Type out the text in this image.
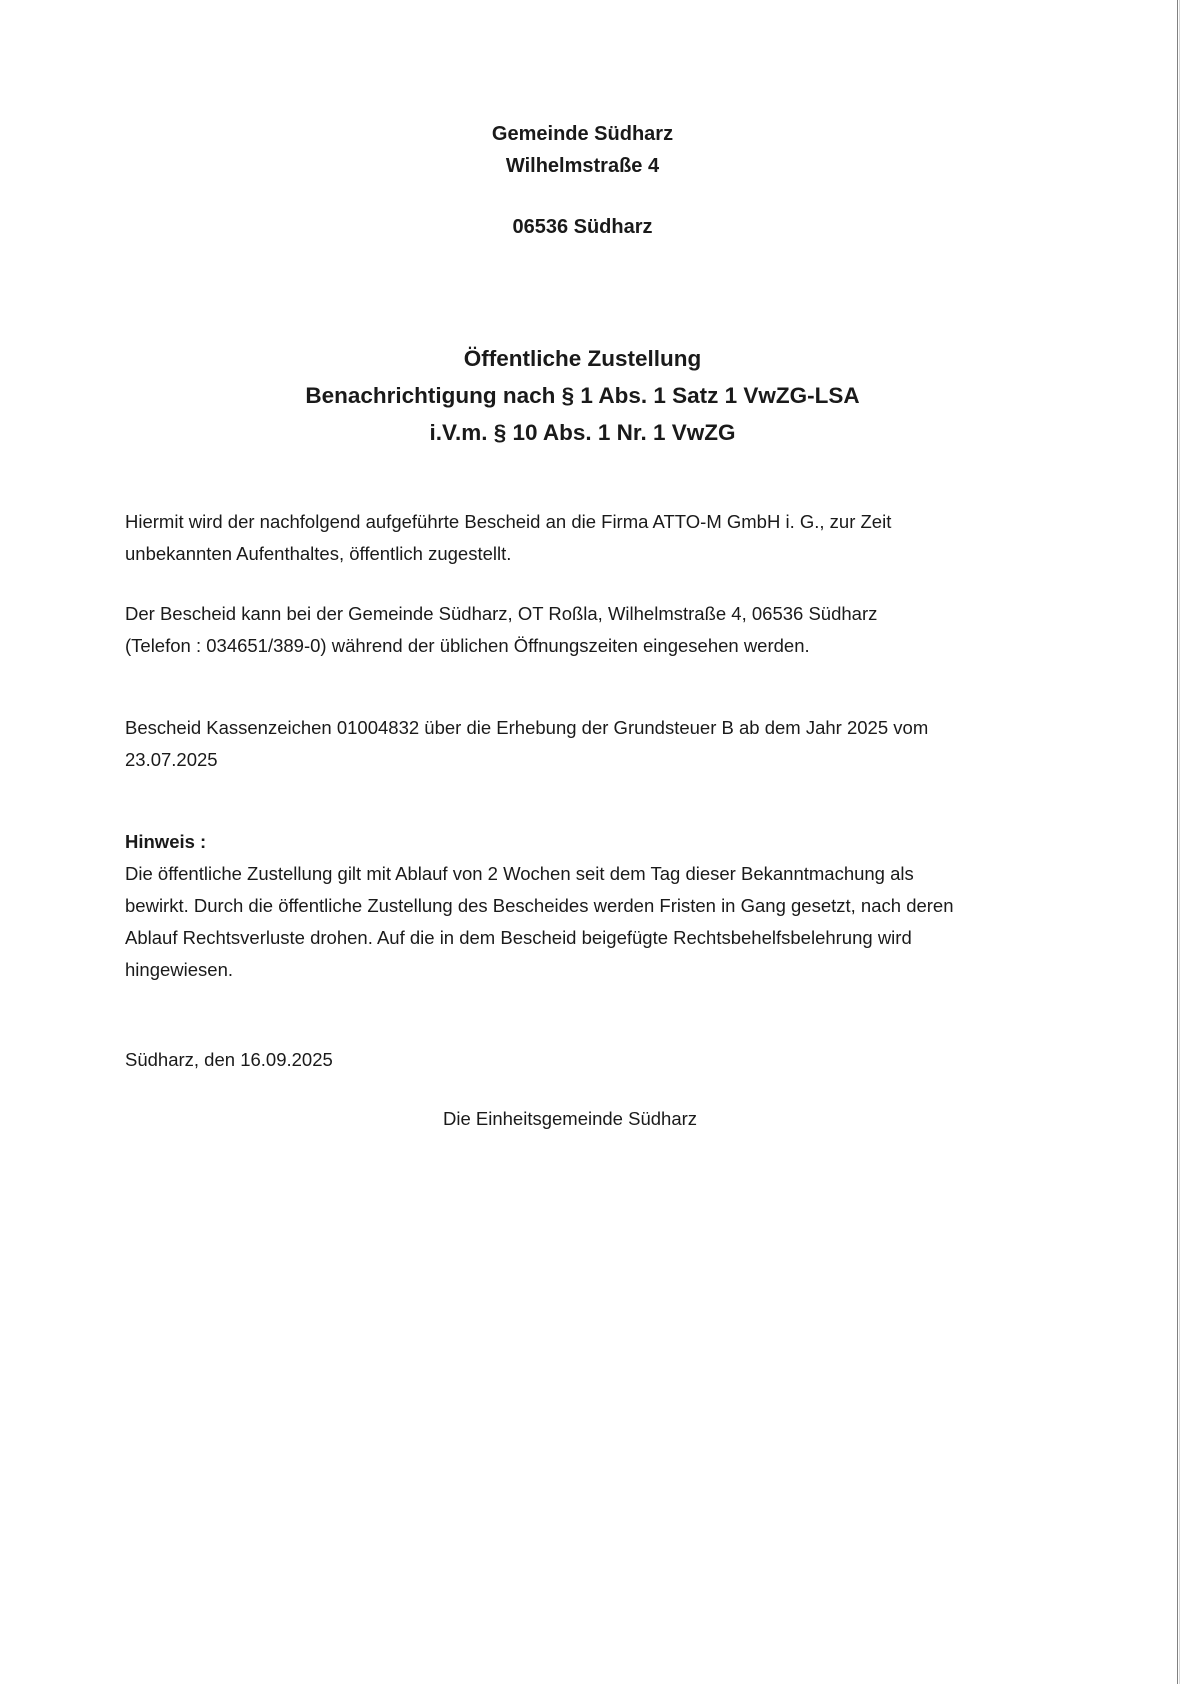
Gemeinde Südharz
Wilhelmstraße 4
06536 Südharz
Öffentliche Zustellung
Benachrichtigung nach § 1 Abs. 1 Satz 1 VwZG-LSA
i.V.m. § 10 Abs. 1 Nr. 1 VwZG
Hiermit wird der nachfolgend aufgeführte Bescheid an die Firma ATTO-M GmbH i. G., zur Zeit
unbekannten Aufenthaltes, öffentlich zugestellt.
Der Bescheid kann bei der Gemeinde Südharz, OT Roßla, Wilhelmstraße 4, 06536 Südharz
(Telefon : 034651/389-0) während der üblichen Öffnungszeiten eingesehen werden.
Bescheid Kassenzeichen 01004832 über die Erhebung der Grundsteuer B ab dem Jahr 2025 vom
23.07.2025
Hinweis :
Die öffentliche Zustellung gilt mit Ablauf von 2 Wochen seit dem Tag dieser Bekanntmachung als
bewirkt. Durch die öffentliche Zustellung des Bescheides werden Fristen in Gang gesetzt, nach deren
Ablauf Rechtsverluste drohen. Auf die in dem Bescheid beigefügte Rechtsbehelfsbelehrung wird
hingewiesen.
Südharz, den 16.09.2025
Die Einheitsgemeinde Südharz
